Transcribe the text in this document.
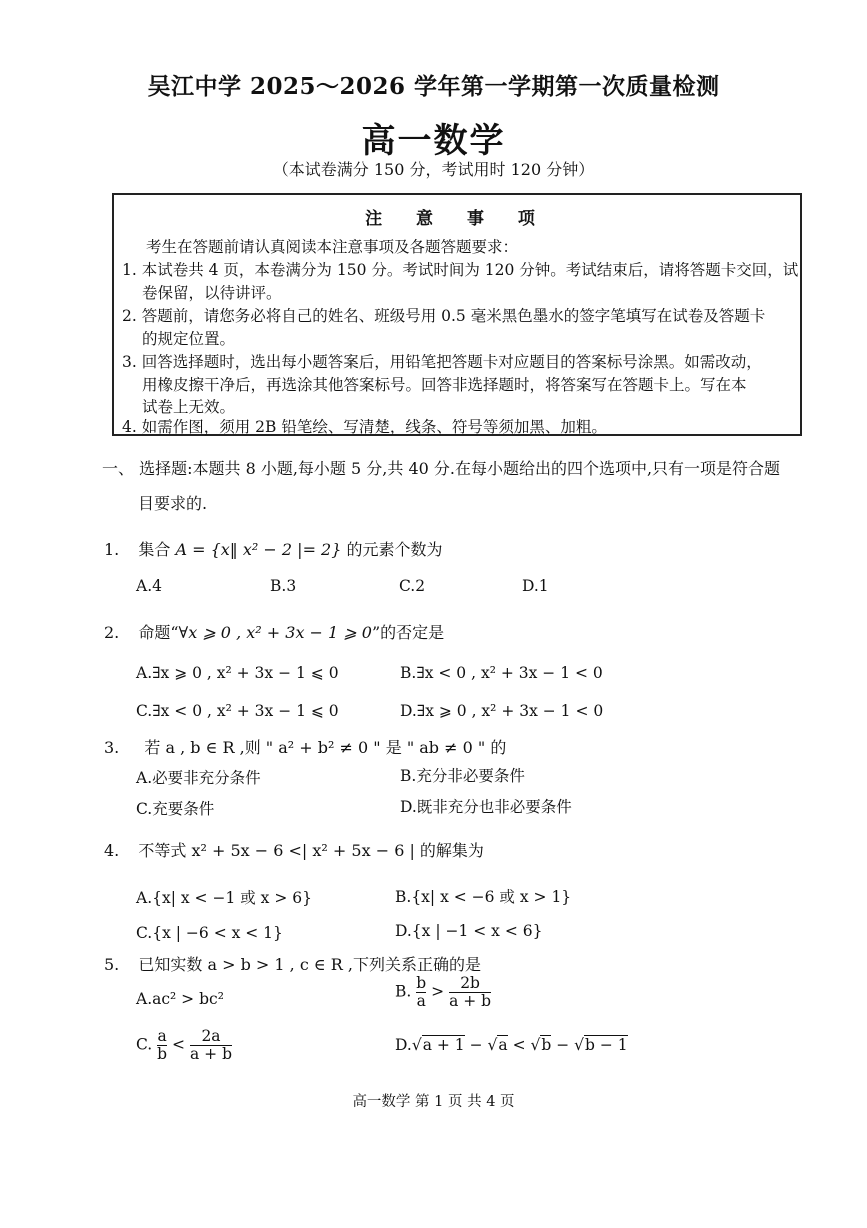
吴江中学 2025～2026 学年第一学期第一次质量检测
高一数学
（本试卷满分 150 分，考试用时 120 分钟）
注 意 事 项
考生在答题前请认真阅读本注意事项及各题答题要求：
1. 本试卷共 4 页，本卷满分为 150 分。考试时间为 120 分钟。考试结束后，请将答题卡交回，试
卷保留，以待讲评。
2. 答题前，请您务必将自己的姓名、班级号用 0.5 毫米黑色墨水的签字笔填写在试卷及答题卡
的规定位置。
3. 回答选择题时，选出每小题答案后，用铅笔把答题卡对应题目的答案标号涂黑。如需改动，
用橡皮擦干净后，再选涂其他答案标号。回答非选择题时，将答案写在答题卡上。写在本
试卷上无效。
4. 如需作图，须用 2B 铅笔绘、写清楚，线条、符号等须加黑、加粗。
一、 选择题:本题共 8 小题,每小题 5 分,共 40 分.在每小题给出的四个选项中,只有一项是符合题
目要求的.
1. 集合 A = {x‖ x² − 2 |= 2} 的元素个数为
A.4	B.3	C.2	D.1
2. 命题“∀x ⩾ 0 , x² + 3x − 1 ⩾ 0”的否定是
A.∃x ⩾ 0 , x² + 3x − 1 ⩽ 0	B.∃x < 0 , x² + 3x − 1 < 0
C.∃x < 0 , x² + 3x − 1 ⩽ 0	D.∃x ⩾ 0 , x² + 3x − 1 < 0
3. 若 a , b ∈ R ,则 " a² + b² ≠ 0 " 是 " ab ≠ 0 " 的
A.必要非充分条件	B.充分非必要条件
C.充要条件	D.既非充分也非必要条件
4. 不等式 x² + 5x − 6 <| x² + 5x − 6 | 的解集为
A.{x| x < −1 或 x > 6}	B.{x| x < −6 或 x > 1}
C.{x | −6 < x < 1}	D.{x | −1 < x < 6}
5. 已知实数 a > b > 1 , c ∈ R ,下列关系正确的是
A.ac² > bc²	B. $\frac{b}{a} > \frac{2b}{a + b}$
C. $\frac{a}{b} < \frac{2a}{a + b}$	D.√a + 1 − √a < √b − √b − 1
高一数学 第 1 页 共 4 页
